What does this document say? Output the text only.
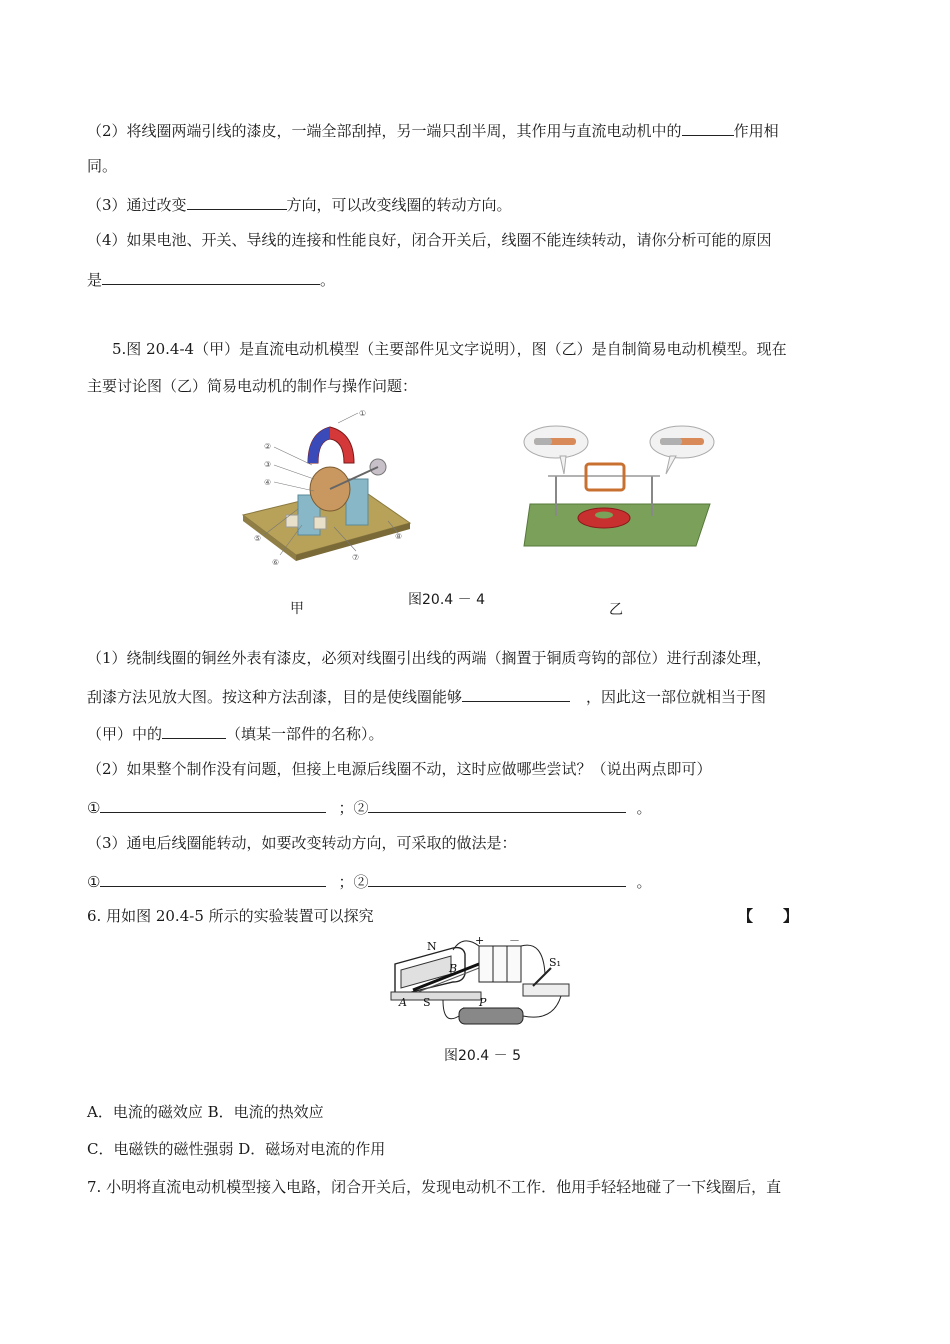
（2）将线圈两端引线的漆皮，一端全部刮掉，另一端只刮半周，其作用与直流电动机中的	作用相
同。
（3）通过改变	方向，可以改变线圈的转动方向。
（4）如果电池、开关、导线的连接和性能良好，闭合开关后，线圈不能连续转动，请你分析可能的原因
是	。
5.图 20.4-4（甲）是直流电动机模型（主要部件见文字说明），图（乙）是自制简易电动机模型。现在
主要讨论图（乙）简易电动机的制作与操作问题：
①
②
③
④
⑤
⑥
⑦
⑧
图20.4 － 4
甲	乙
（1）绕制线圈的铜丝外表有漆皮，必须对线圈引出线的两端（搁置于铜质弯钩的部位）进行刮漆处理，
刮漆方法见放大图。按这种方法刮漆，目的是使线圈能够	，因此这一部位就相当于图
（甲）中的	（填某一部件的名称）。
（2）如果整个制作没有问题，但接上电源后线圈不动，这时应做哪些尝试？（说出两点即可）
①	；②	。
（3）通电后线圈能转动，如要改变转动方向，可采取的做法是：
①	；②	。
6. 用如图 20.4-5 所示的实验装置可以探究	【 】
N
S
A
B
P
S₁
+ －
图20.4 － 5
A．电流的磁效应 B．电流的热效应
C．电磁铁的磁性强弱 D．磁场对电流的作用
7. 小明将直流电动机模型接入电路，闭合开关后，发现电动机不工作．他用手轻轻地碰了一下线圈后，直
